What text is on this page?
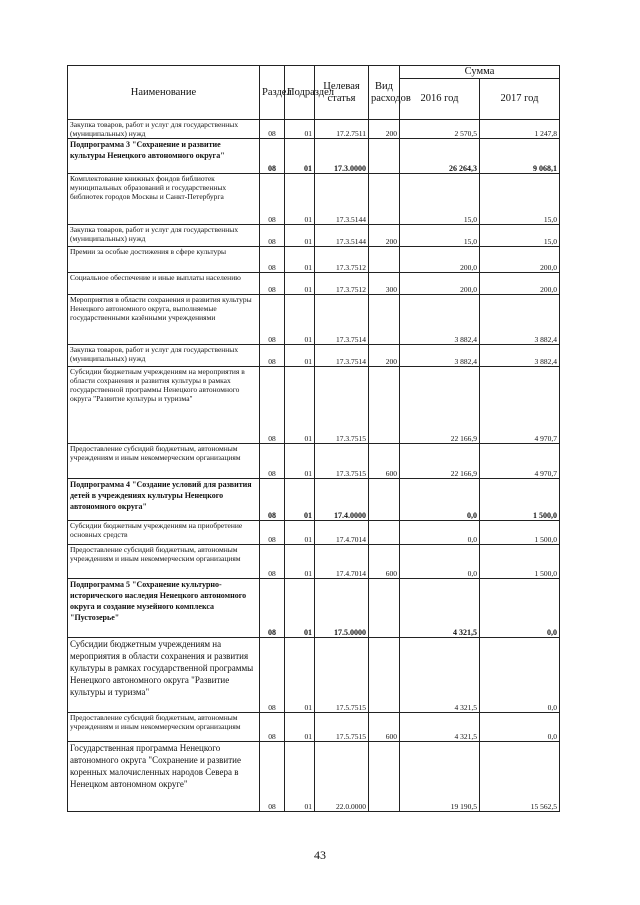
Наименование	Раздел	Подраздел	Целевая статья	Вид расходов	Сумма	
					2016 год	2017 год
Закупка товаров, работ и услуг для государственных (муниципальных) нужд	08	01	17.2.7511	200	2 570,5	1 247,8
Подпрограмма 3 "Сохранение и развитие культуры Ненецкого автономного округа"	08	01	17.3.0000		26 264,3	9 068,1
Комплектование книжных фондов библиотек муниципальных образований и государственных библиотек городов Москвы и Санкт-Петербурга	08	01	17.3.5144		15,0	15,0
Закупка товаров, работ и услуг для государственных (муниципальных) нужд	08	01	17.3.5144	200	15,0	15,0
Премии за особые достижения в сфере культуры	08	01	17.3.7512		200,0	200,0
Социальное обеспечение и иные выплаты населению	08	01	17.3.7512	300	200,0	200,0
Мероприятия в области сохранения и развития культуры Ненецкого автономного округа, выполняемые государственными казёнными учреждениями	08	01	17.3.7514		3 882,4	3 882,4
Закупка товаров, работ и услуг для государственных (муниципальных) нужд	08	01	17.3.7514	200	3 882,4	3 882,4
Субсидии бюджетным учреждениям на мероприятия в области сохранения и развития культуры в рамках государственной программы Ненецкого автономного округа "Развитие культуры и туризма"	08	01	17.3.7515		22 166,9	4 970,7
Предоставление субсидий бюджетным, автономным учреждениям и иным некоммерческим организациям	08	01	17.3.7515	600	22 166,9	4 970,7
Подпрограмма 4 "Создание условий для развития детей в учреждениях культуры Ненецкого автономного округа"	08	01	17.4.0000		0,0	1 500,0
Субсидии бюджетным учреждениям на приобретение основных средств	08	01	17.4.7014		0,0	1 500,0
Предоставление субсидий бюджетным, автономным учреждениям и иным некоммерческим организациям	08	01	17.4.7014	600	0,0	1 500,0
Подпрограмма 5 "Сохранение культурно-исторического наследия Ненецкого автономного округа и создание музейного комплекса "Пустозерье"	08	01	17.5.0000		4 321,5	0,0
Субсидии бюджетным учреждениям на мероприятия в области сохранения и развития культуры в рамках государственной программы Ненецкого автономного округа "Развитие культуры и туризма"	08	01	17.5.7515		4 321,5	0,0
Предоставление субсидий бюджетным, автономным учреждениям и иным некоммерческим организациям	08	01	17.5.7515	600	4 321,5	0,0
Государственная программа Ненецкого автономного округа "Сохранение и развитие коренных малочисленных народов Севера в Ненецком автономном округе"	08	01	22.0.0000		19 190,5	15 562,5
43
